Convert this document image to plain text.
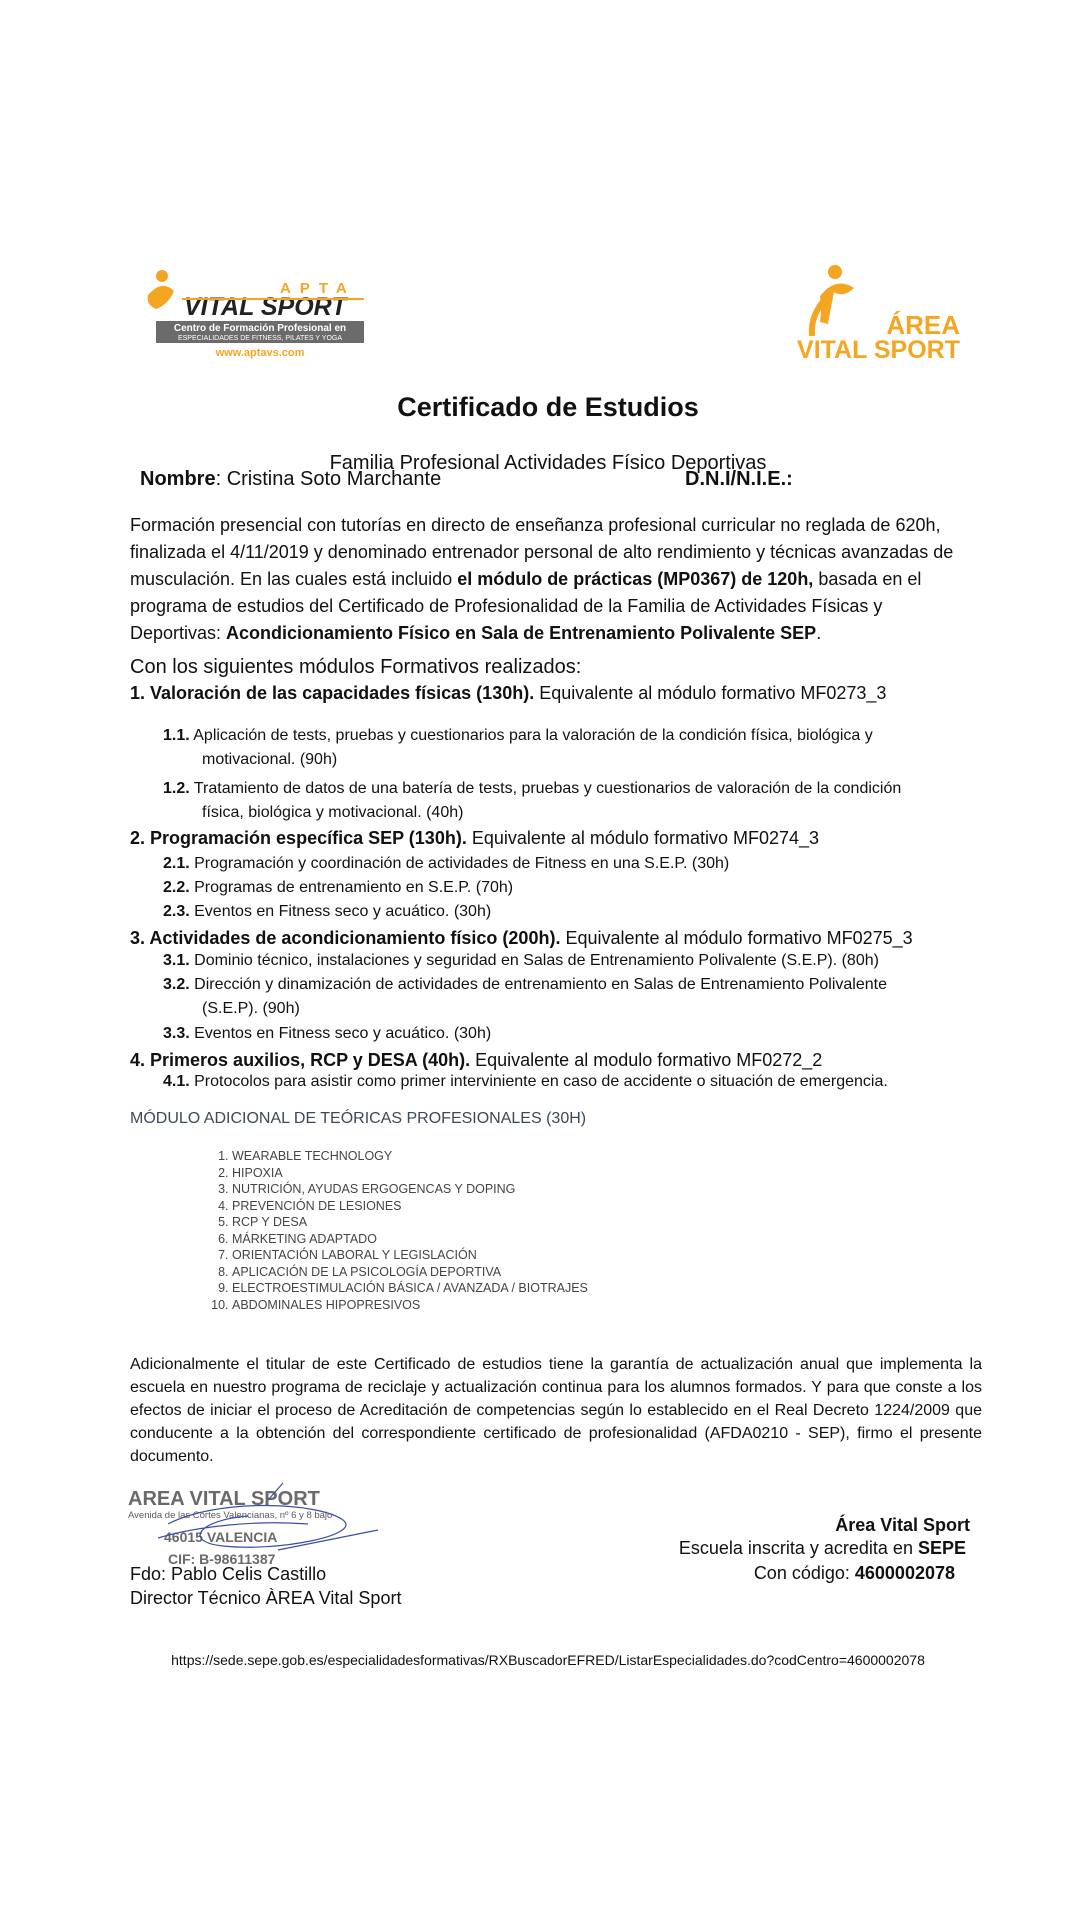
APTA
VITAL SPORT
Centro de Formación Profesional en
ESPECIALIDADES DE FITNESS, PILATES Y YOGA
www.aptavs.com
ÁREA
VITAL SPORT
Certificado de Estudios
Familia Profesional Actividades Físico Deportivas
Nombre: Cristina Soto Marchante	D.N.I/N.I.E.:
Formación presencial con tutorías en directo de enseñanza profesional curricular no reglada de 620h, finalizada el 4/11/2019 y denominado entrenador personal de alto rendimiento y técnicas avanzadas de musculación. En las cuales está incluido el módulo de prácticas (MP0367) de 120h, basada en el programa de estudios del Certificado de Profesionalidad de la Familia de Actividades Físicas y Deportivas: Acondicionamiento Físico en Sala de Entrenamiento Polivalente SEP.
Con los siguientes módulos Formativos realizados:
1. Valoración de las capacidades físicas (130h). Equivalente al módulo formativo MF0273_3
1.1. Aplicación de tests, pruebas y cuestionarios para la valoración de la condición física, biológica y
motivacional. (90h)
1.2. Tratamiento de datos de una batería de tests, pruebas y cuestionarios de valoración de la condición
física, biológica y motivacional. (40h)
2. Programación específica SEP (130h). Equivalente al módulo formativo MF0274_3
2.1. Programación y coordinación de actividades de Fitness en una S.E.P. (30h)
2.2. Programas de entrenamiento en S.E.P. (70h)
2.3. Eventos en Fitness seco y acuático. (30h)
3. Actividades de acondicionamiento físico (200h). Equivalente al módulo formativo MF0275_3
3.1. Dominio técnico, instalaciones y seguridad en Salas de Entrenamiento Polivalente (S.E.P). (80h)
3.2. Dirección y dinamización de actividades de entrenamiento en Salas de Entrenamiento Polivalente
(S.E.P). (90h)
3.3. Eventos en Fitness seco y acuático. (30h)
4. Primeros auxilios, RCP y DESA (40h). Equivalente al modulo formativo MF0272_2
4.1. Protocolos para asistir como primer interviniente en caso de accidente o situación de emergencia.
MÓDULO ADICIONAL DE TEÓRICAS PROFESIONALES (30H)
1. WEARABLE TECHNOLOGY
2. HIPOXIA
3. NUTRICIÓN, AYUDAS ERGOGENCAS Y DOPING
4. PREVENCIÓN DE LESIONES
5. RCP Y DESA
6. MÁRKETING ADAPTADO
7. ORIENTACIÓN LABORAL Y LEGISLACIÓN
8. APLICACIÓN DE LA PSICOLOGÍA DEPORTIVA
9. ELECTROESTIMULACIÓN BÁSICA / AVANZADA / BIOTRAJES
10. ABDOMINALES HIPOPRESIVOS
Adicionalmente el titular de este Certificado de estudios tiene la garantía de actualización anual que implementa la escuela en nuestro programa de reciclaje y actualización continua para los alumnos formados. Y para que conste a los efectos de iniciar el proceso de Acreditación de competencias según lo establecido en el Real Decreto 1224/2009 que conducente a la obtención del correspondiente certificado de profesionalidad (AFDA0210 - SEP), firmo el presente documento.
AREA VITAL SPORT
Avenida de las Cortes Valencianas, nº 6 y 8 bajo
46015 VALENCIA
CIF: B-98611387
Fdo: Pablo Celis Castillo
Director Técnico ÀREA Vital Sport
Área Vital Sport
Escuela inscrita y acredita en SEPE
Con código: 4600002078
https://sede.sepe.gob.es/especialidadesformativas/RXBuscadorEFRED/ListarEspecialidades.do?codCentro=4600002078
